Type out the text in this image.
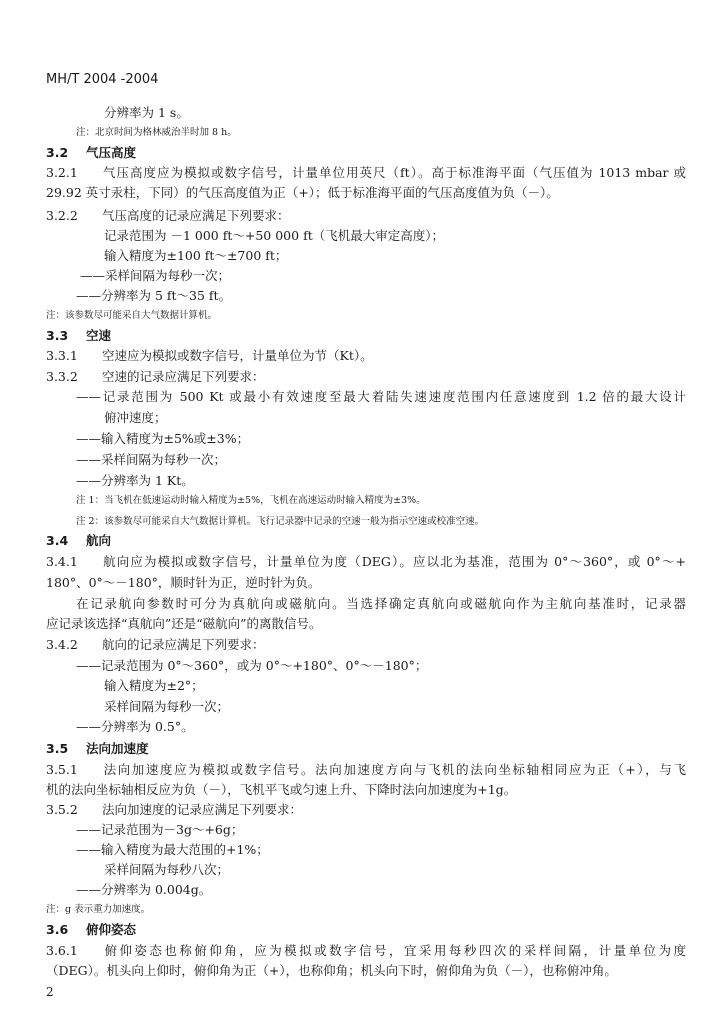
MH/T 2004 -2004
分辨率为 1 s。
注：北京时间为格林威治半时加 8 h。
3.2 气压高度
3.2.1 气压高度应为模拟或数字信号，计量单位用英尺（ft）。高于标准海平面（气压值为 1013 mbar 或
29.92 英寸汞柱，下同）的气压高度值为正（+）；低于标准海平面的气压高度值为负（－）。
3.2.2 气压高度的记录应满足下列要求：
记录范围为 －1 000 ft～+50 000 ft（飞机最大审定高度）；
输入精度为±100 ft～±700 ft；
——采样间隔为每秒一次；
——分辨率为 5 ft～35 ft。
注：该参数尽可能采自大气数据计算机。
3.3 空速
3.3.1 空速应为模拟或数字信号，计量单位为节（Kt）。
3.3.2 空速的记录应满足下列要求：
——记录范围为 500 Kt 或最小有效速度至最大着陆失速速度范围内任意速度到 1.2 倍的最大设计
俯冲速度；
——输入精度为±5%或±3%；
——采样间隔为每秒一次；
——分辨率为 1 Kt。
注 1：当飞机在低速运动时输入精度为±5%，飞机在高速运动时输入精度为±3%。
注 2：该参数尽可能采自大气数据计算机。飞行记录器中记录的空速一般为指示空速或校准空速。
3.4 航向
3.4.1 航向应为模拟或数字信号，计量单位为度（DEG）。应以北为基准，范围为 0°～360°，或 0°～+
180°、0°～－180°，顺时针为正，逆时针为负。
在记录航向参数时可分为真航向或磁航向。当选择确定真航向或磁航向作为主航向基准时，记录器
应记录该选择“真航向”还是“磁航向”的离散信号。
3.4.2 航向的记录应满足下列要求：
——记录范围为 0°～360°，或为 0°～+180°、0°～－180°；
输入精度为±2°；
采样间隔为每秒一次；
——分辨率为 0.5°。
3.5 法向加速度
3.5.1 法向加速度应为模拟或数字信号。法向加速度方向与飞机的法向坐标轴相同应为正（+），与飞
机的法向坐标轴相反应为负（－），飞机平飞或匀速上升、下降时法向加速度为+1g。
3.5.2 法向加速度的记录应满足下列要求：
——记录范围为－3g～+6g；
——输入精度为最大范围的+1%；
采样间隔为每秒八次；
——分辨率为 0.004g。
注：g 表示重力加速度。
3.6 俯仰姿态
3.6.1 俯仰姿态也称俯仰角，应为模拟或数字信号，宜采用每秒四次的采样间隔，计量单位为度
（DEG）。机头向上仰时，俯仰角为正（+），也称仰角；机头向下时，俯仰角为负（－），也称俯冲角。
2
